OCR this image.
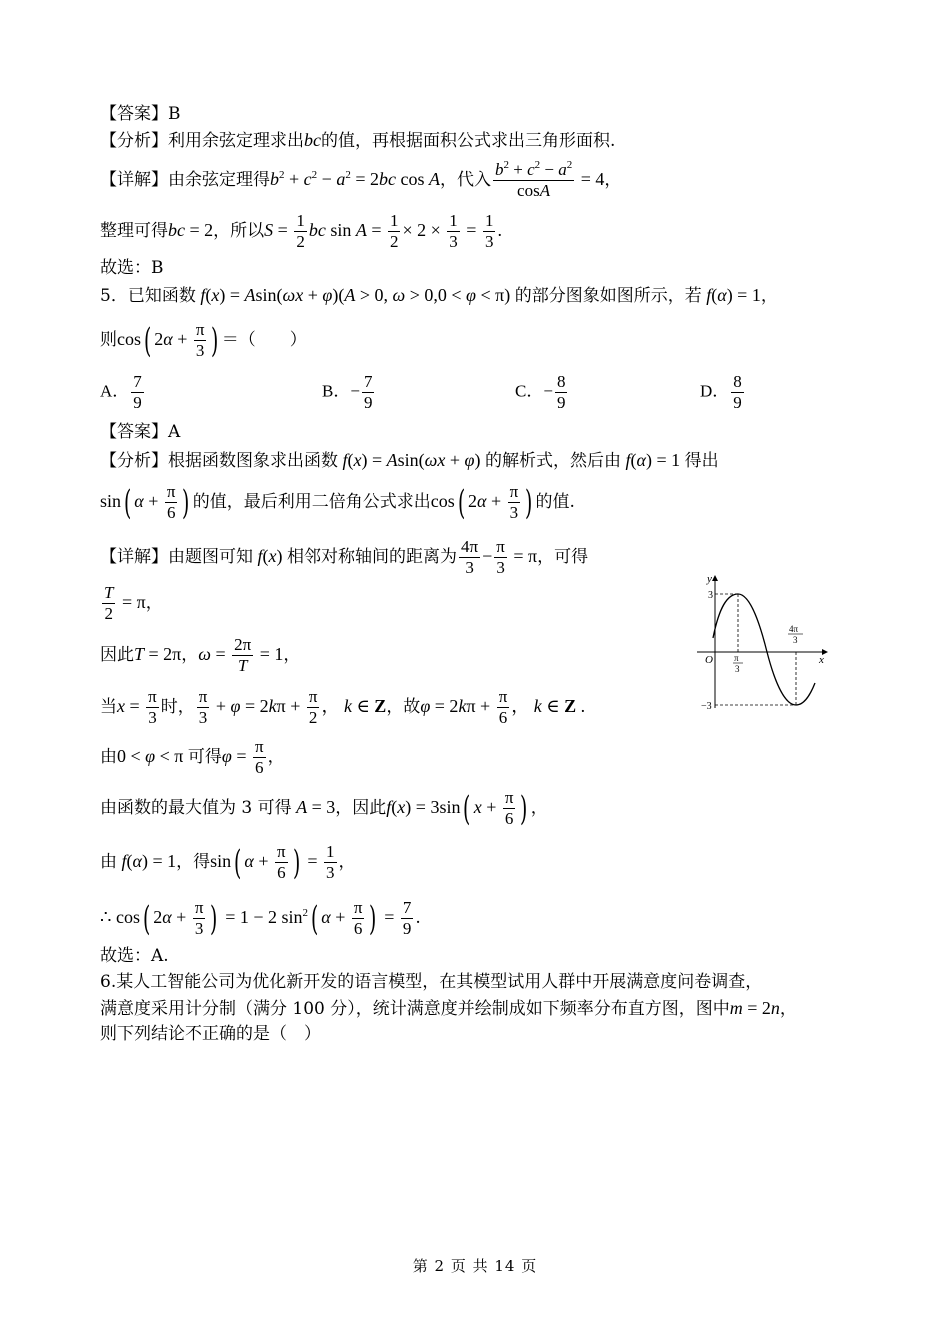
【答案】B
【分析】利用余弦定理求出bc的值，再根据面积公式求出三角形面积.
【详解】由余弦定理得$b^2 + c^2 - a^2 = 2bc$ cos A，代入 $\frac{b^2 + c^2 - a^2}{\cos A} = 4$，
整理可得bc = 2，所以$S = \frac{1}{2}$ bc $\sin A = \frac{1}{2} \times 2 \times \frac{1}{3} = \frac{1}{3}$ .
故选：B
5．已知函数 f(x) = Asin(ωx + φ)(A > 0, ω > 0,0 < φ < π) 的部分图象如图所示，若 f(α) = 1，
则cos( $2\alpha + \frac{\pi}{3}$ ) ＝（　　）
A． $\frac{7}{9}$	B．− $\frac{7}{9}$	C．− $\frac{8}{9}$	D． $\frac{8}{9}$
【答案】A
【分析】根据函数图象求出函数 f(x) = Asin(ωx + φ) 的解析式，然后由 f(α) = 1 得出
sin( $\alpha + \frac{\pi}{6}$ ) 的值，最后利用二倍角公式求出cos( $2\alpha + \frac{\pi}{3}$ ) 的值.
【详解】由题图可知 f(x) 相邻对称轴间的距离为 $\frac{4\pi}{3} - \frac{\pi}{3} = \pi$，可得
$\frac{T}{2} = \pi$，
因此T = 2π，$\omega = \frac{2\pi}{T} = 1$，
当$x = \frac{\pi}{3}$ 时， $\frac{\pi}{3} + \varphi = 2k\pi + \frac{\pi}{2}$ ， k ∈ Z，故$\varphi = 2k\pi + \frac{\pi}{6}$ ， k ∈ Z .
由0 < φ < π 可得$\varphi = \frac{\pi}{6}$ ，
由函数的最大值为 3 可得 A = 3，因此f(x) = 3sin( $x + \frac{\pi}{6}$ ) ，
由 f(α) = 1，得sin( $\alpha + \frac{\pi}{6}$ ) = $\frac{1}{3}$ ，
∴ cos( $2\alpha + \frac{\pi}{3}$ ) = 1 − 2 $\sin^2$( $\alpha + \frac{\pi}{6}$ ) = $\frac{7}{9}$ .
故选：A.
6.某人工智能公司为优化新开发的语言模型，在其模型试用人群中开展满意度问卷调查，
满意度采用计分制（满分 100 分），统计满意度并绘制成如下频率分布直方图，图中m = 2n，
则下列结论不正确的是（　）
y
x
O
3
−3
π
3
4π
3
第 2 页 共 14 页
